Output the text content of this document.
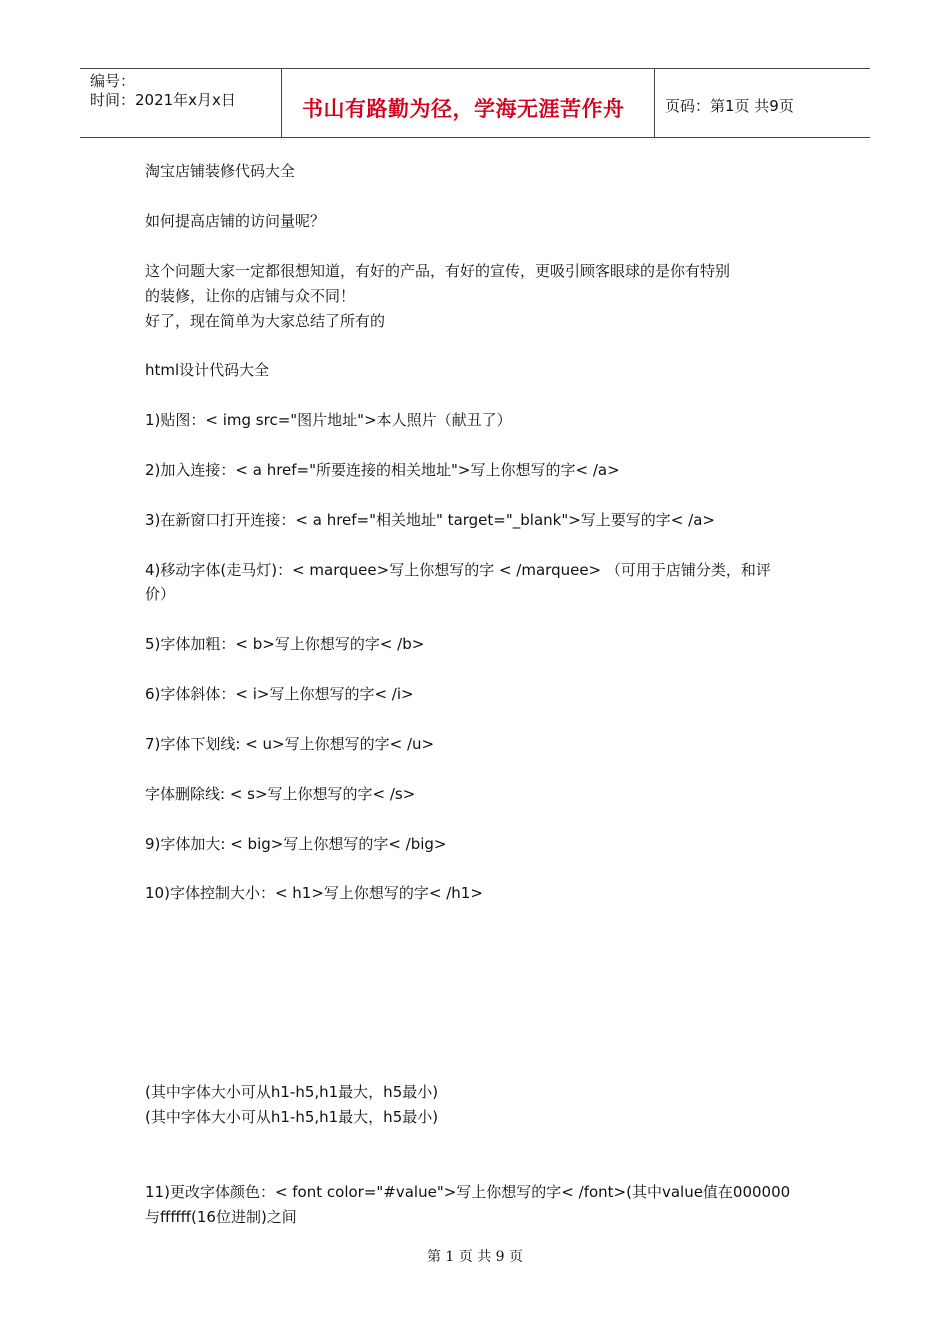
编号：
时间：2021年x月x日	书山有路勤为径，学海无涯苦作舟	页码：第1页 共9页
淘宝店铺装修代码大全
如何提高店铺的访问量呢？
这个问题大家一定都很想知道，有好的产品，有好的宣传，更吸引顾客眼球的是你有特别
的装修，让你的店铺与众不同！
好了，现在简单为大家总结了所有的
html设计代码大全
1)贴图：< img src="图片地址">本人照片（献丑了）
2)加入连接：< a href="所要连接的相关地址">写上你想写的字< /a>
3)在新窗口打开连接：< a href="相关地址" target="_blank">写上要写的字< /a>
4)移动字体(走马灯)：< marquee>写上你想写的字 < /marquee> （可用于店铺分类，和评
价）
5)字体加粗：< b>写上你想写的字< /b>
6)字体斜体：< i>写上你想写的字< /i>
7)字体下划线: < u>写上你想写的字< /u>
字体删除线: < s>写上你想写的字< /s>
9)字体加大: < big>写上你想写的字< /big>
10)字体控制大小：< h1>写上你想写的字< /h1>
(其中字体大小可从h1-h5,h1最大，h5最小)
(其中字体大小可从h1-h5,h1最大，h5最小)
11)更改字体颜色：< font color="#value">写上你想写的字< /font>(其中value值在000000
与ffffff(16位进制)之间
第 1 页 共 9 页
